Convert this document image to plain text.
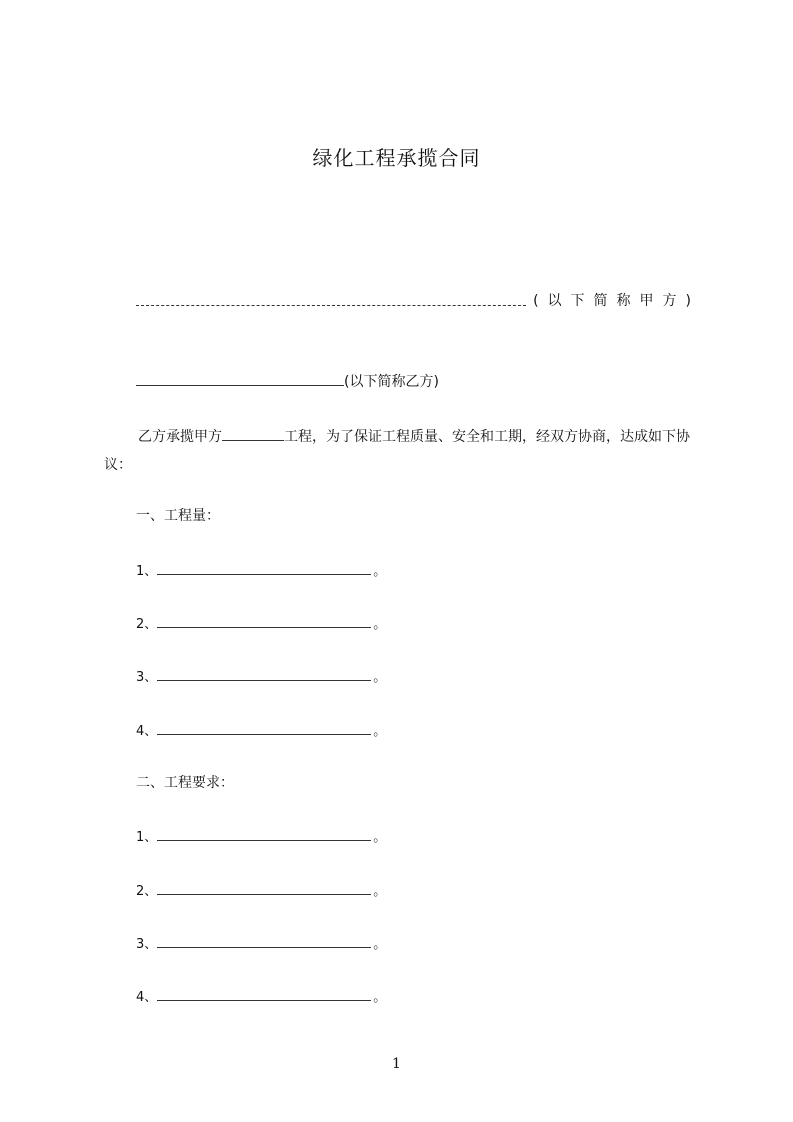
绿化工程承揽合同
(以下简称甲方)
(以下简称乙方)
乙方承揽甲方	工程，为了保证工程质量、安全和工期，经双方协商，达成如下协议：
一、工程量：
1、	。
2、	。
3、	。
4、	。
二、工程要求：
1、	。
2、	。
3、	。
4、	。
1
